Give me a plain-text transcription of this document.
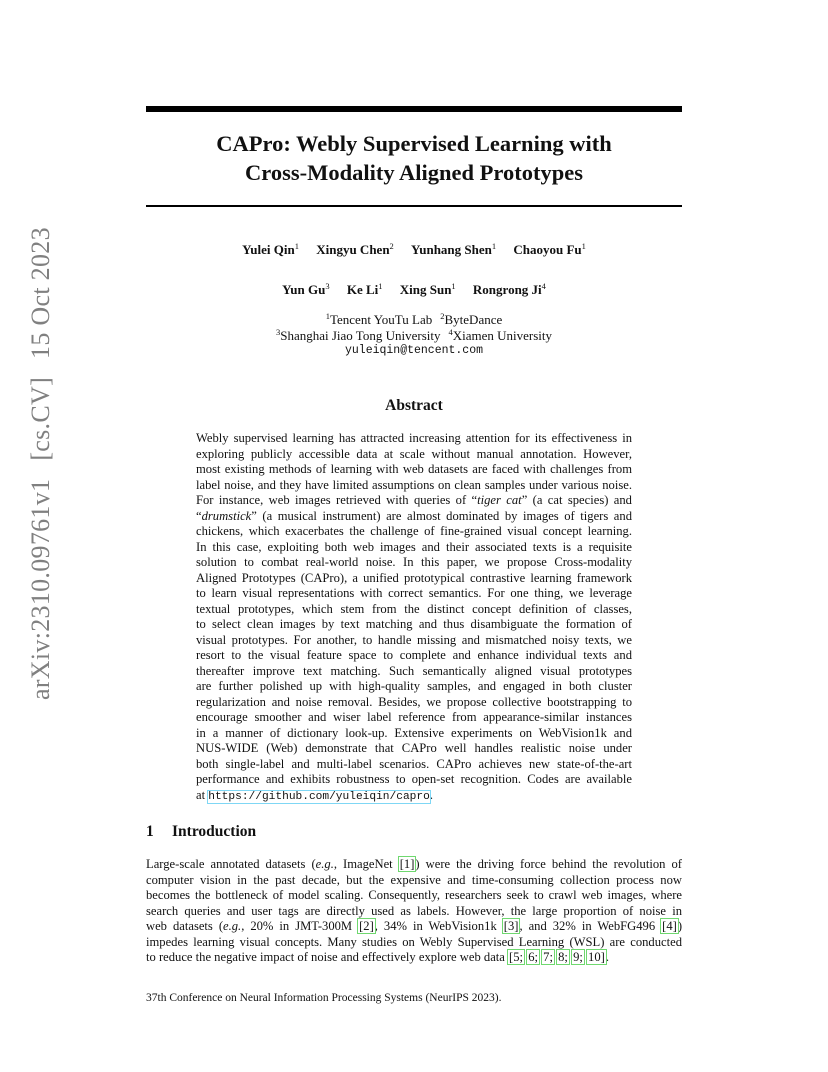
arXiv:2310.09761v1[cs.CV]15 Oct 2023
CAPro: Webly Supervised Learning with
Cross-Modality Aligned Prototypes
Yulei Qin$^1$ Xingyu Chen$^2$ Yunhang Shen$^1$ Chaoyou Fu$^1$
Yun Gu$^3$ Ke Li$^1$ Xing Sun$^1$ Rongrong Ji$^4$
$^1$Tencent YouTu Lab $^2$ByteDance
$^3$Shanghai Jiao Tong University $^4$Xiamen University
yuleiqin@tencent.com
Abstract
Webly supervised learning has attracted increasing attention for its effectiveness in
exploring publicly accessible data at scale without manual annotation. However,
most existing methods of learning with web datasets are faced with challenges from
label noise, and they have limited assumptions on clean samples under various noise.
For instance, web images retrieved with queries of “tiger cat” (a cat species) and
“drumstick” (a musical instrument) are almost dominated by images of tigers and
chickens, which exacerbates the challenge of fine-grained visual concept learning.
In this case, exploiting both web images and their associated texts is a requisite
solution to combat real-world noise. In this paper, we propose Cross-modality
Aligned Prototypes (CAPro), a unified prototypical contrastive learning framework
to learn visual representations with correct semantics. For one thing, we leverage
textual prototypes, which stem from the distinct concept definition of classes,
to select clean images by text matching and thus disambiguate the formation of
visual prototypes. For another, to handle missing and mismatched noisy texts, we
resort to the visual feature space to complete and enhance individual texts and
thereafter improve text matching. Such semantically aligned visual prototypes
are further polished up with high-quality samples, and engaged in both cluster
regularization and noise removal. Besides, we propose collective bootstrapping to
encourage smoother and wiser label reference from appearance-similar instances
in a manner of dictionary look-up. Extensive experiments on WebVision1k and
NUS-WIDE (Web) demonstrate that CAPro well handles realistic noise under
both single-label and multi-label scenarios. CAPro achieves new state-of-the-art
performance and exhibits robustness to open-set recognition. Codes are available
at https://github.com/yuleiqin/capro.
1 Introduction
Large-scale annotated datasets (e.g., ImageNet [1]) were the driving force behind the revolution of
computer vision in the past decade, but the expensive and time-consuming collection process now
becomes the bottleneck of model scaling. Consequently, researchers seek to crawl web images, where
search queries and user tags are directly used as labels. However, the large proportion of noise in
web datasets (e.g., 20% in JMT-300M [2], 34% in WebVision1k [3], and 32% in WebFG496 [4])
impedes learning visual concepts. Many studies on Webly Supervised Learning (WSL) are conducted
to reduce the negative impact of noise and effectively explore web data [5; 6; 7; 8; 9; 10].
37th Conference on Neural Information Processing Systems (NeurIPS 2023).
